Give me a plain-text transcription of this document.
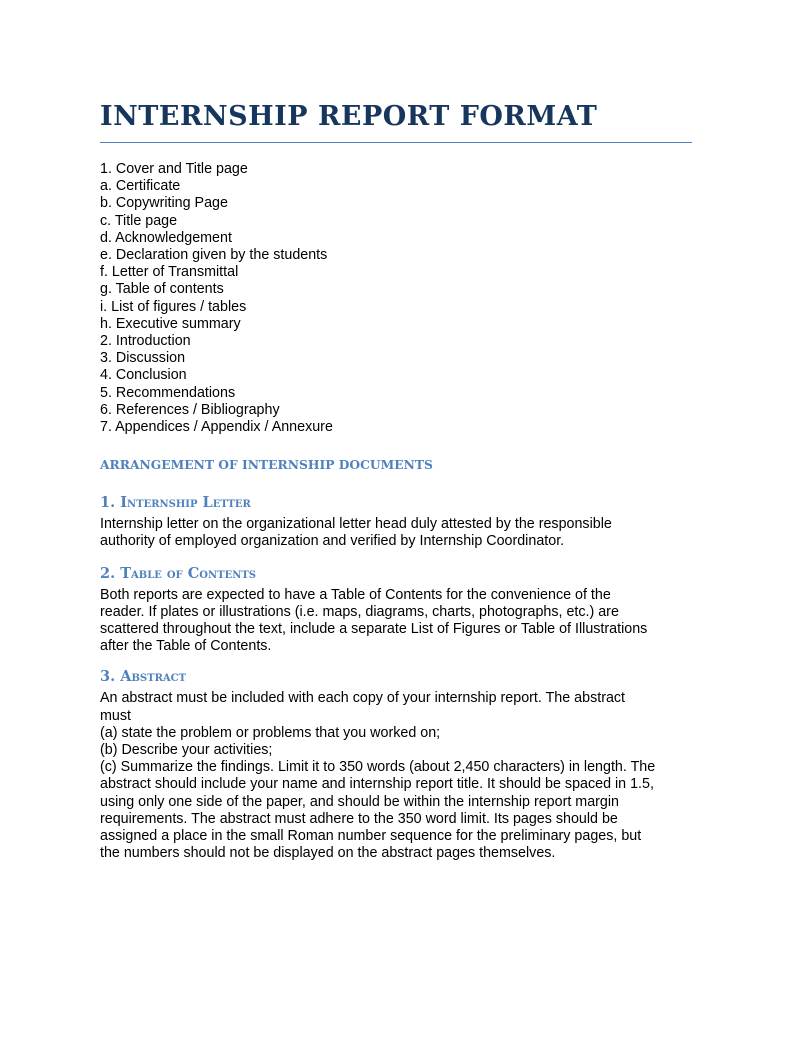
INTERNSHIP REPORT FORMAT
1. Cover and Title page
a. Certificate
b. Copywriting Page
c. Title page
d. Acknowledgement
e. Declaration given by the students
f. Letter of Transmittal
g. Table of contents
i. List of figures / tables
h. Executive summary
2. Introduction
3. Discussion
4. Conclusion
5. Recommendations
6. References / Bibliography
7. Appendices / Appendix / Annexure
ARRANGEMENT OF INTERNSHIP DOCUMENTS
1. Internship Letter

Internship letter on the organizational letter head duly attested by the responsible
authority of employed organization and verified by Internship Coordinator.

2. Table of Contents

Both reports are expected to have a Table of Contents for the convenience of the
reader. If plates or illustrations (i.e. maps, diagrams, charts, photographs, etc.) are
scattered throughout the text, include a separate List of Figures or Table of Illustrations
after the Table of Contents.

3. Abstract

An abstract must be included with each copy of your internship report. The abstract
must
(a) state the problem or problems that you worked on;
(b) Describe your activities;
(c) Summarize the findings. Limit it to 350 words (about 2,450 characters) in length. The
abstract should include your name and internship report title. It should be spaced in 1.5,
using only one side of the paper, and should be within the internship report margin
requirements. The abstract must adhere to the 350 word limit. Its pages should be
assigned a place in the small Roman number sequence for the preliminary pages, but
the numbers should not be displayed on the abstract pages themselves.
